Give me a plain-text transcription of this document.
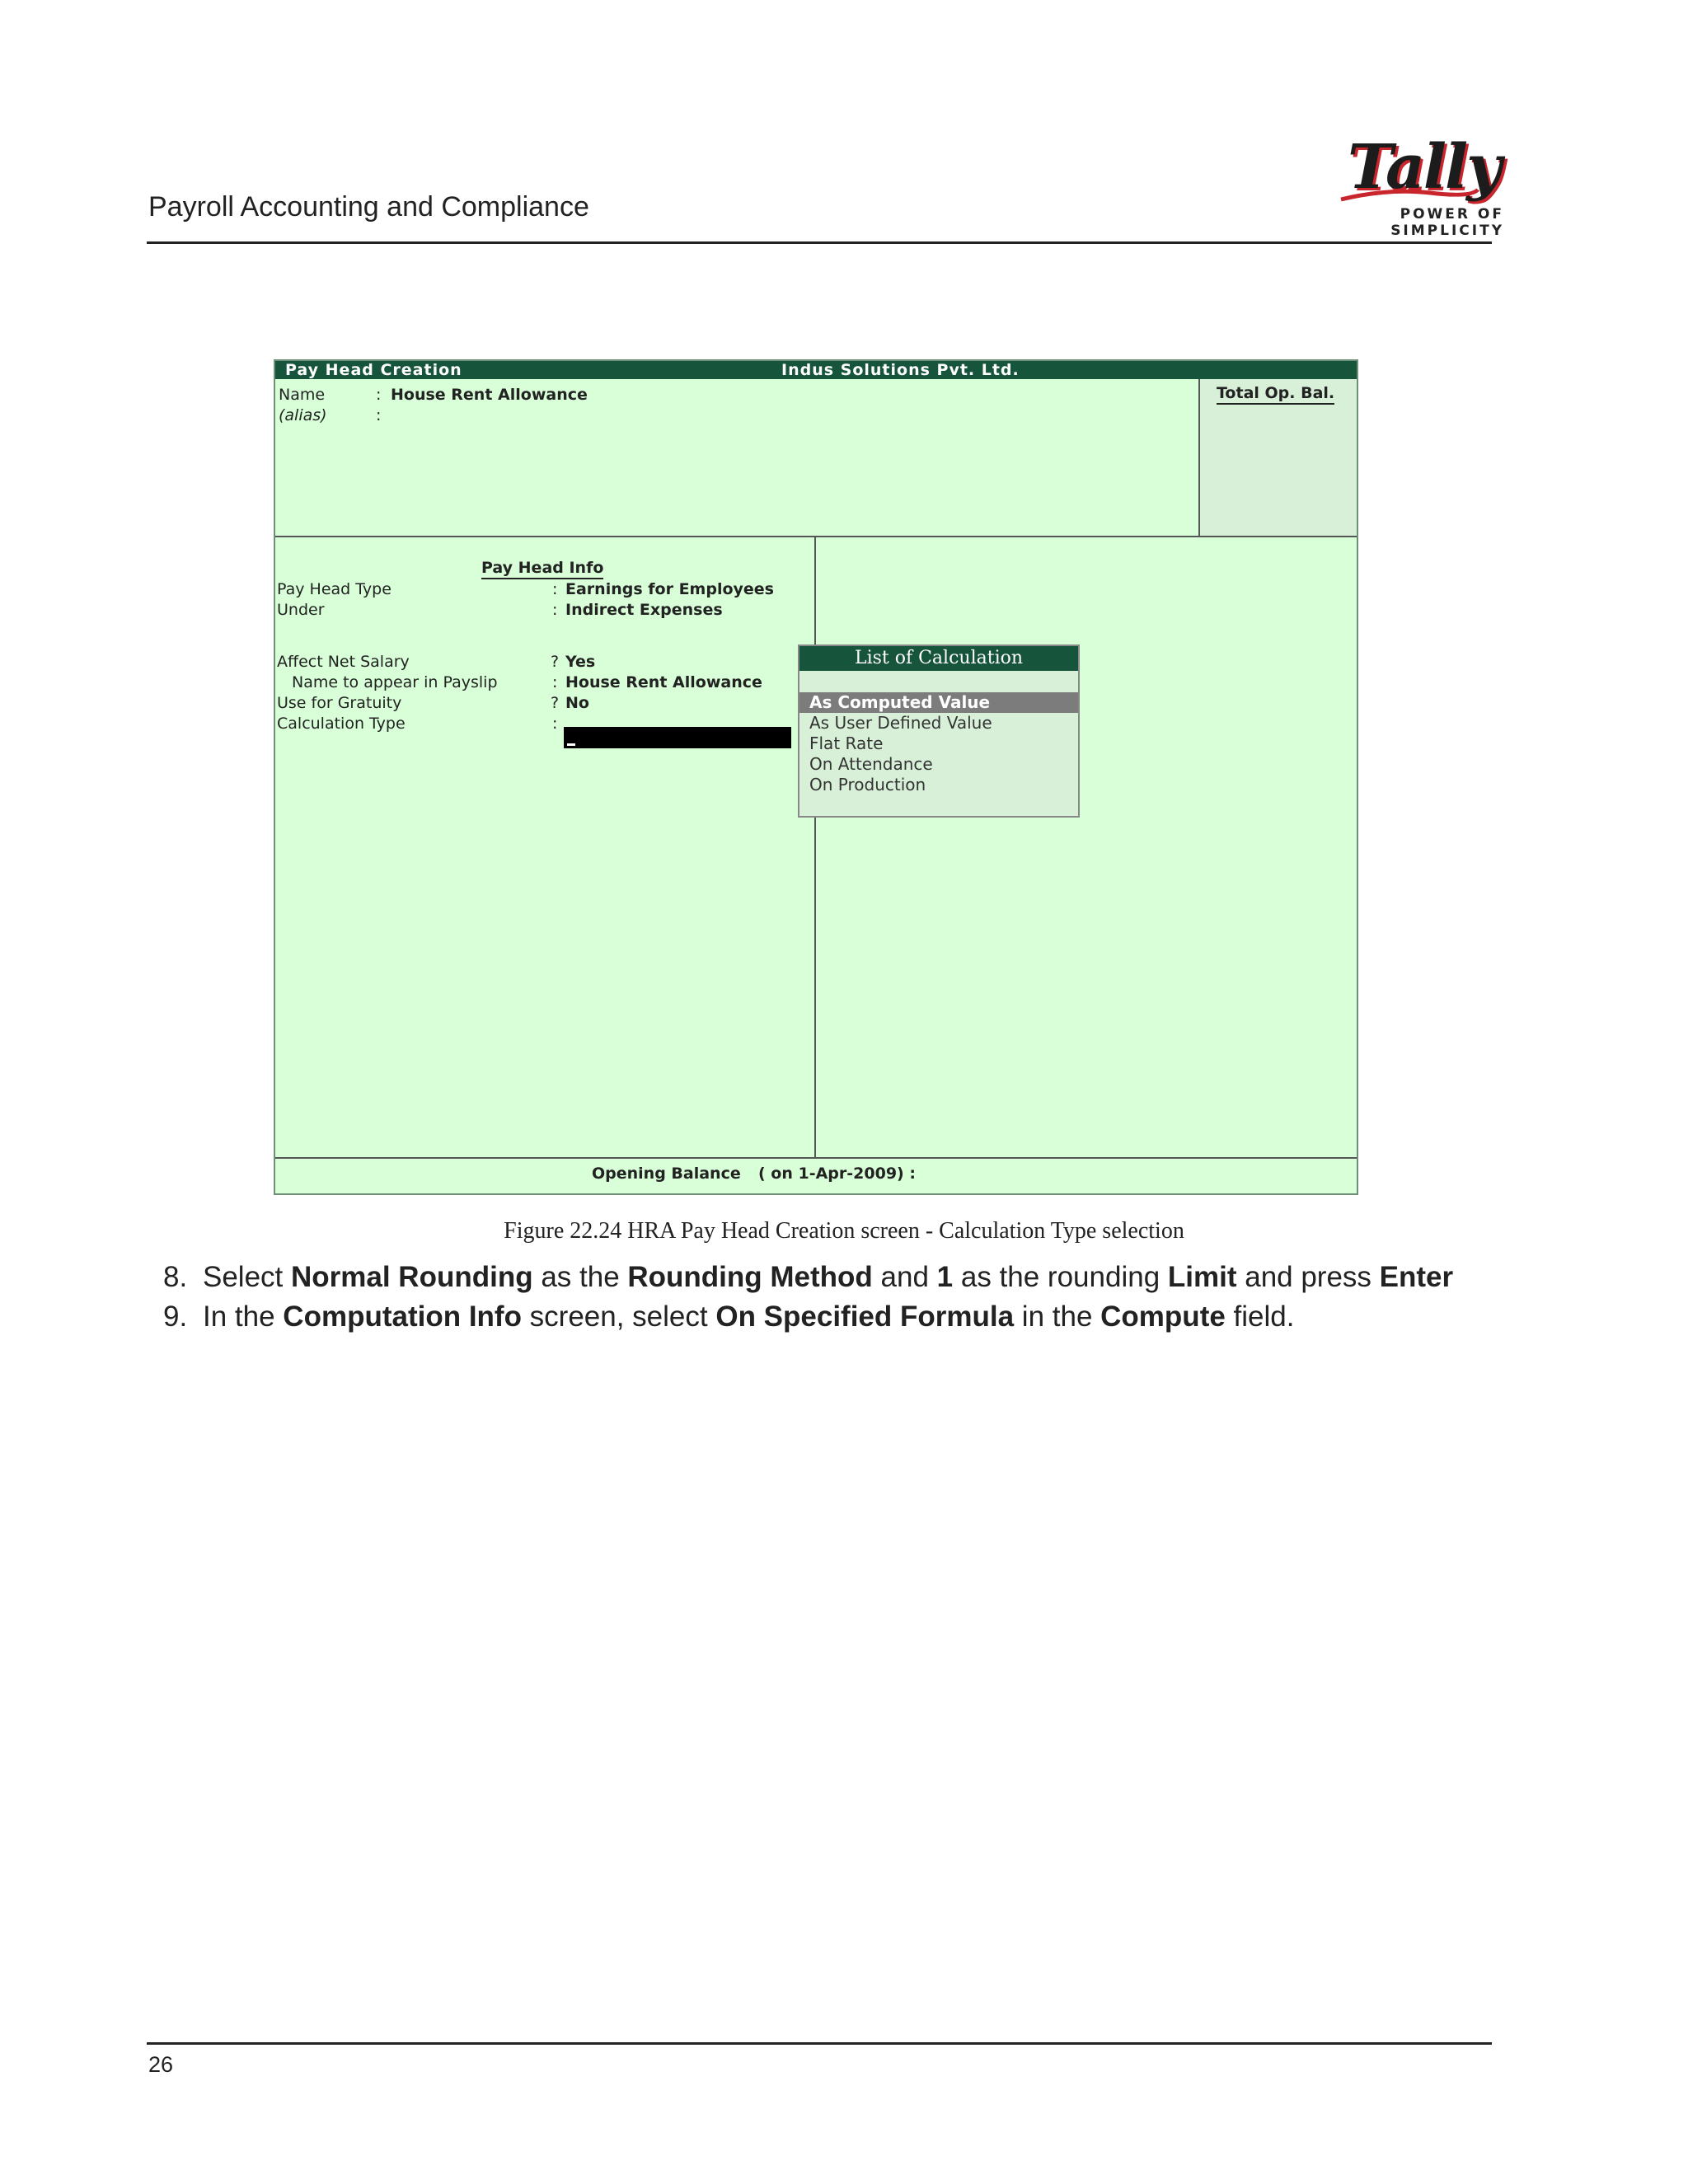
Payroll Accounting and Compliance
Tally
POWER OF SIMPLICITY
Pay Head Creation	Indus Solutions Pvt. Ltd.
Name	: House Rent Allowance
(alias)	:
Total Op. Bal.
Pay Head Info
Pay Head Type	: Earnings for Employees
Under	: Indirect Expenses
Affect Net Salary	? Yes
Name to appear in Payslip	: House Rent Allowance
Use for Gratuity	? No
Calculation Type	:
Opening Balance ( on 1-Apr-2009) :
List of Calculation
As Computed Value
As User Defined Value
Flat Rate
On Attendance
On Production
Figure 22.24 HRA Pay Head Creation screen - Calculation Type selection
8. Select Normal Rounding as the Rounding Method and 1 as the rounding Limit and press Enter
9. In the Computation Info screen, select On Specified Formula in the Compute field.
26
